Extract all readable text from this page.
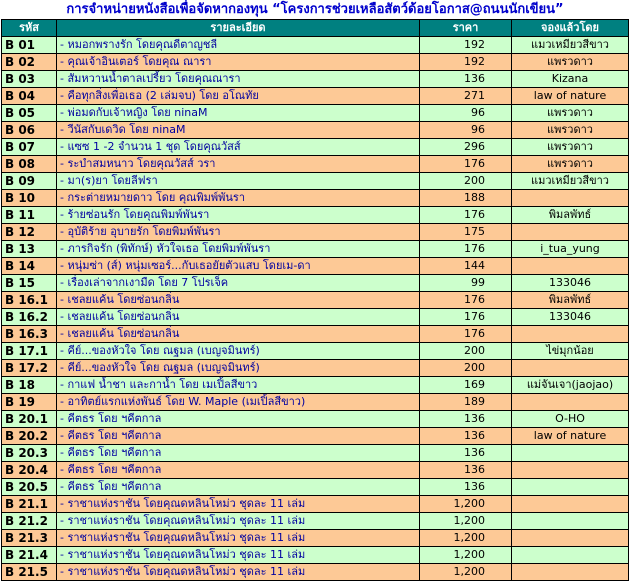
การจำหน่ายหนังสือเพื่อจัดหากองทุน “โครงการช่วยเหลือสัตว์ด้อยโอกาส@ถนนนักเขียน”
รหัส	รายละเอียด	ราคา	จองแล้วโดย
B 01	- หมอกพรางรัก โดยคุณดีตาญชลี	192	แมวเหมียวสีขาว
B 02	- คุณเจ้าอินเตอร์ โดยคุณ ณารา	192	แพรวดาว
B 03	- สัมหวานน้ำตาลเปรี้ยว โดยคุณณารา	136	Kizana
B 04	- คือทุกสิ่งเพื่อเธอ (2 เล่มจบ) โดย อโณทัย	271	law of nature
B 05	- พ่อมดกับเจ้าหญิง โดย ninaM	96	แพรวดาว
B 06	- วีนัสกับเดวิด โดย ninaM	96	แพรวดาว
B 07	- แซซ 1 -2 จำนวน 1 ชุด โดยคุณวัสส์	296	แพรวดาว
B 08	- ระบำสมหนาว โดยคุณวัสส์ วรา	176	แพรวดาว
B 09	- มา(ร)ยา โดยลีฟรา	200	แมวเหมียวสีขาว
B 10	- กระต่ายหมายดาว โดย คุณพิมพ์พันรา	188	
B 11	- ร้ายซ่อนรัก โดยคุณพิมพ์พันรา	176	พิมลพัทธ์
B 12	- อุบัติร้าย อุบายรัก โดยพิมพ์พันรา	175	
B 13	- ภารกิจรัก (พิทักษ์) หัวใจเธอ โดยพิมพ์พันรา	176	i_tua_yung
B 14	- หนุ่มซ่า (ส์) หนุ่มเซอร์...กับเธอยัยตัวแสบ โดยเม-ดา	144	
B 15	- เรื่องเล่าจากเงามืด โดย 7 โปรเจ็ค	99	133046
B 16.1	- เชลยแค้น โดยซ่อนกลิ่น	176	พิมลพัทธ์
B 16.2	- เชลยแค้น โดยซ่อนกลิ่น	176	133046
B 16.3	- เชลยแค้น โดยซ่อนกลิ่น	176	
B 17.1	- คีย์...ของหัวใจ โดย ณฐมล (เบญจมินทร์)	200	ไข่มุกน้อย
B 17.2	- คีย์...ของหัวใจ โดย ณฐมล (เบญจมินทร์)	200	
B 18	- กาแฟ น้ำชา และกาน้ำ โดย เมเปิ้ลสีขาว	169	แม่จันเจา(jaojao)
B 19	- อาทิตย์แรกแห่งพันธ์ โดย W. Maple (เมเปิ้ลสีขาว)	189	
B 20.1	- คีตธร โดย ฯคีตกาล	136	O-HO
B 20.2	- คีตธร โดย ฯคีตกาล	136	law of nature
B 20.3	- คีตธร โดย ฯคีตกาล	136	
B 20.4	- คีตธร โดย ฯคีตกาล	136	
B 20.5	- คีตธร โดย ฯคีตกาล	136	
B 21.1	- ราชาแห่งราชัน โดยคุณดหลินโหม่ว ชุดละ 11 เล่ม	1,200	
B 21.2	- ราชาแห่งราชัน โดยคุณดหลินโหม่ว ชุดละ 11 เล่ม	1,200	
B 21.3	- ราชาแห่งราชัน โดยคุณดหลินโหม่ว ชุดละ 11 เล่ม	1,200	
B 21.4	- ราชาแห่งราชัน โดยคุณดหลินโหม่ว ชุดละ 11 เล่ม	1,200	
B 21.5	- ราชาแห่งราชัน โดยคุณดหลินโหม่ว ชุดละ 11 เล่ม	1,200	
